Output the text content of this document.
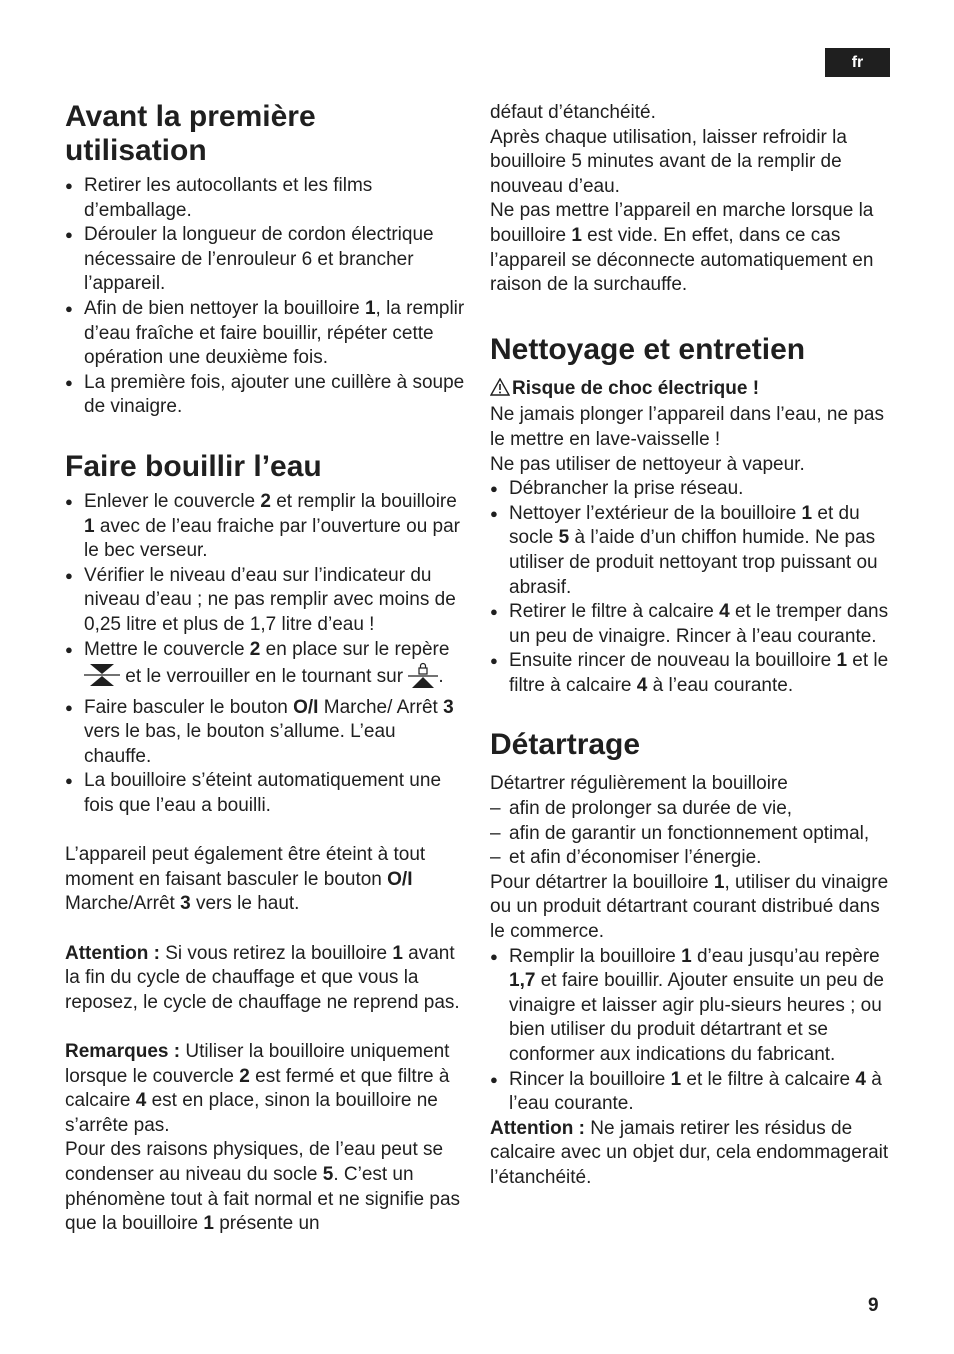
fr
Avant la première utilisation
● Retirer les autocollants et les films d’emballage.
● Dérouler la longueur de cordon électrique nécessaire de l’enrouleur 6 et brancher l’appareil.
● Afin de bien nettoyer la bouilloire 1, la remplir d’eau fraîche et faire bouillir, répéter cette opération une deuxième fois.
● La première fois, ajouter une cuillère à soupe de vinaigre.
Faire bouillir l’eau
● Enlever le couvercle 2 et remplir la bouilloire 1 avec de l’eau fraiche par l’ouverture ou par le bec verseur.
● Vérifier le niveau d’eau sur l’indicateur du niveau d’eau ; ne pas remplir avec moins de 0,25 litre et plus de 1,7 litre d’eau !
● Mettre le couvercle 2 en place sur le repère  et le verrouiller en le tournant sur .
● Faire basculer le bouton O/I Marche/ Arrêt 3 vers le bas, le bouton s’allume. L’eau chauffe.
● La bouilloire s’éteint automatiquement une fois que l’eau a bouilli.

L’appareil peut également être éteint à tout moment en faisant basculer le bouton O/I Marche/Arrêt 3 vers le haut.

Attention : Si vous retirez la bouilloire 1 avant la fin du cycle de chauffage et que vous la reposez, le cycle de chauffage ne reprend pas.

Remarques : Utiliser la bouilloire uniquement lorsque le couvercle 2 est fermé et que filtre à calcaire 4 est en place, sinon la bouilloire ne s’arrête pas.

Pour des raisons physiques, de l’eau peut se condenser au niveau du socle 5. C’est un phénomène tout à fait normal et ne signifie pas que la bouilloire 1 présente un

défaut d’étanchéité.

Après chaque utilisation, laisser refroidir la bouilloire 5 minutes avant de la remplir de nouveau d’eau.

Ne pas mettre l’appareil en marche lorsque la bouilloire 1 est vide. En effet, dans ce cas l’appareil se déconnecte automatiquement en raison de la surchauffe.

Nettoyage et entretien

Risque de choc électrique !

Ne jamais plonger l’appareil dans l’eau, ne pas le mettre en lave-vaisselle !

Ne pas utiliser de nettoyeur à vapeur.

● Débrancher la prise réseau.
● Nettoyer l’extérieur de la bouilloire 1 et du socle 5 à l’aide d’un chiffon humide. Ne pas utiliser de produit nettoyant trop puissant ou abrasif.
● Retirer le filtre à calcaire 4 et le tremper dans un peu de vinaigre. Rincer à l’eau courante.
● Ensuite rincer de nouveau la bouilloire 1 et le filtre à calcaire 4 à l’eau courante.
Détartrage

Détartrer régulièrement la bouilloire

– afin de prolonger sa durée de vie,
– afin de garantir un fonctionnement optimal,
– et afin d’économiser l’énergie.

Pour détartrer la bouilloire 1, utiliser du vinaigre ou un produit détartrant courant distribué dans le commerce.

● Remplir la bouilloire 1 d’eau jusqu’au repère 1,7 et faire bouillir. Ajouter ensuite un peu de vinaigre et laisser agir plu-sieurs heures ; ou bien utiliser du produit détartrant et se conformer aux indications du fabricant.
● Rincer la bouilloire 1 et le filtre à calcaire 4 à l’eau courante.

Attention : Ne jamais retirer les résidus de calcaire avec un objet dur, cela endommagerait l’étanchéité.

9
